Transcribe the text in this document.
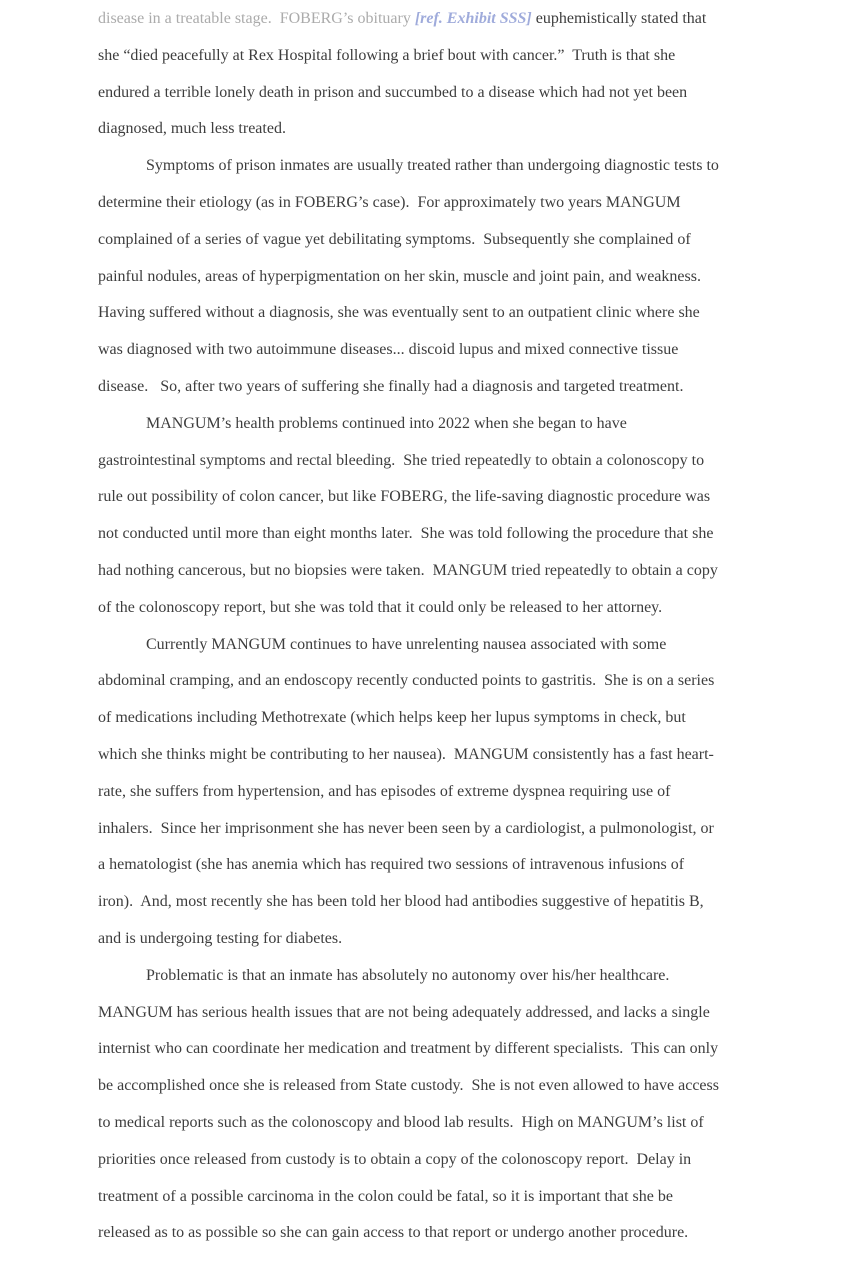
disease in a treatable stage.  FOBERG’s obituary [ref. Exhibit SSS] euphemistically stated that
she “died peacefully at Rex Hospital following a brief bout with cancer.”  Truth is that she
endured a terrible lonely death in prison and succumbed to a disease which had not yet been
diagnosed, much less treated.
Symptoms of prison inmates are usually treated rather than undergoing diagnostic tests to
determine their etiology (as in FOBERG’s case).  For approximately two years MANGUM
complained of a series of vague yet debilitating symptoms.  Subsequently she complained of
painful nodules, areas of hyperpigmentation on her skin, muscle and joint pain, and weakness.
Having suffered without a diagnosis, she was eventually sent to an outpatient clinic where she
was diagnosed with two autoimmune diseases... discoid lupus and mixed connective tissue
disease.   So, after two years of suffering she finally had a diagnosis and targeted treatment.
MANGUM’s health problems continued into 2022 when she began to have
gastrointestinal symptoms and rectal bleeding.  She tried repeatedly to obtain a colonoscopy to
rule out possibility of colon cancer, but like FOBERG, the life-saving diagnostic procedure was
not conducted until more than eight months later.  She was told following the procedure that she
had nothing cancerous, but no biopsies were taken.  MANGUM tried repeatedly to obtain a copy
of the colonoscopy report, but she was told that it could only be released to her attorney.
Currently MANGUM continues to have unrelenting nausea associated with some
abdominal cramping, and an endoscopy recently conducted points to gastritis.  She is on a series
of medications including Methotrexate (which helps keep her lupus symptoms in check, but
which she thinks might be contributing to her nausea).  MANGUM consistently has a fast heart-
rate, she suffers from hypertension, and has episodes of extreme dyspnea requiring use of
inhalers.  Since her imprisonment she has never been seen by a cardiologist, a pulmonologist, or
a hematologist (she has anemia which has required two sessions of intravenous infusions of
iron).  And, most recently she has been told her blood had antibodies suggestive of hepatitis B,
and is undergoing testing for diabetes.
Problematic is that an inmate has absolutely no autonomy over his/her healthcare.
MANGUM has serious health issues that are not being adequately addressed, and lacks a single
internist who can coordinate her medication and treatment by different specialists.  This can only
be accomplished once she is released from State custody.  She is not even allowed to have access
to medical reports such as the colonoscopy and blood lab results.  High on MANGUM’s list of
priorities once released from custody is to obtain a copy of the colonoscopy report.  Delay in
treatment of a possible carcinoma in the colon could be fatal, so it is important that she be
released as to as possible so she can gain access to that report or undergo another procedure.
